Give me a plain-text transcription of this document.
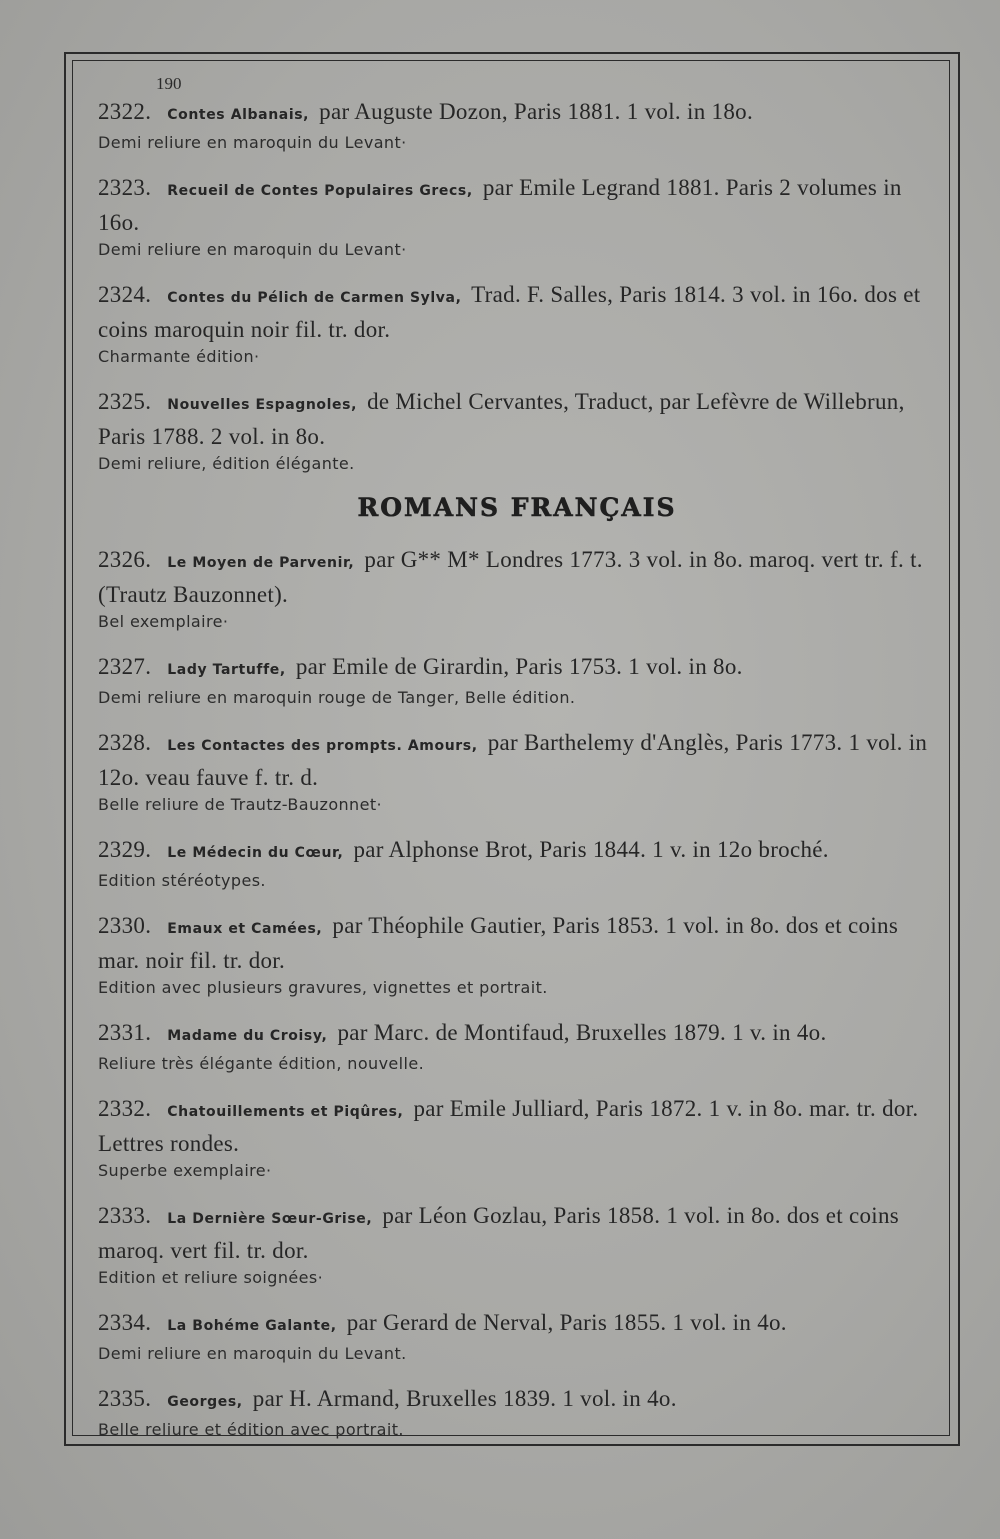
190
2322. Contes Albanais, par Auguste Dozon, Paris 1881. 1 vol. in 18o.
Demi reliure en maroquin du Levant·
2323. Recueil de Contes Populaires Grecs, par Emile Legrand 1881. Paris 2 volumes in 16o.
Demi reliure en maroquin du Levant·
2324. Contes du Pélich de Carmen Sylva, Trad. F. Salles, Paris 1814. 3 vol. in 16o. dos et coins maroquin noir fil. tr. dor.
Charmante édition·
2325. Nouvelles Espagnoles, de Michel Cervantes, Traduct, par Lefèvre de Willebrun, Paris 1788. 2 vol. in 8o.
Demi reliure, édition élégante.
ROMANS FRANÇAIS
2326. Le Moyen de Parvenir, par G** M* Londres 1773. 3 vol. in 8o. maroq. vert tr. f. t. (Trautz Bauzonnet).
Bel exemplaire·
2327. Lady Tartuffe, par Emile de Girardin, Paris 1753. 1 vol. in 8o.
Demi reliure en maroquin rouge de Tanger, Belle édition.
2328. Les Contactes des prompts. Amours, par Barthelemy d'Anglès, Paris 1773. 1 vol. in 12o. veau fauve f. tr. d.
Belle reliure de Trautz-Bauzonnet·
2329. Le Médecin du Cœur, par Alphonse Brot, Paris 1844. 1 v. in 12o broché.
Edition stéréotypes.
2330. Emaux et Camées, par Théophile Gautier, Paris 1853. 1 vol. in 8o. dos et coins mar. noir fil. tr. dor.
Edition avec plusieurs gravures, vignettes et portrait.
2331. Madame du Croisy, par Marc. de Montifaud, Bruxelles 1879. 1 v. in 4o.
Reliure très élégante édition, nouvelle.
2332. Chatouillements et Piqûres, par Emile Julliard, Paris 1872. 1 v. in 8o. mar. tr. dor. Lettres rondes.
Superbe exemplaire·
2333. La Dernière Sœur-Grise, par Léon Gozlau, Paris 1858. 1 vol. in 8o. dos et coins maroq. vert fil. tr. dor.
Edition et reliure soignées·
2334. La Bohéme Galante, par Gerard de Nerval, Paris 1855. 1 vol. in 4o.
Demi reliure en maroquin du Levant.
2335. Georges, par H. Armand, Bruxelles 1839. 1 vol. in 4o.
Belle reliure et édition avec portrait.
